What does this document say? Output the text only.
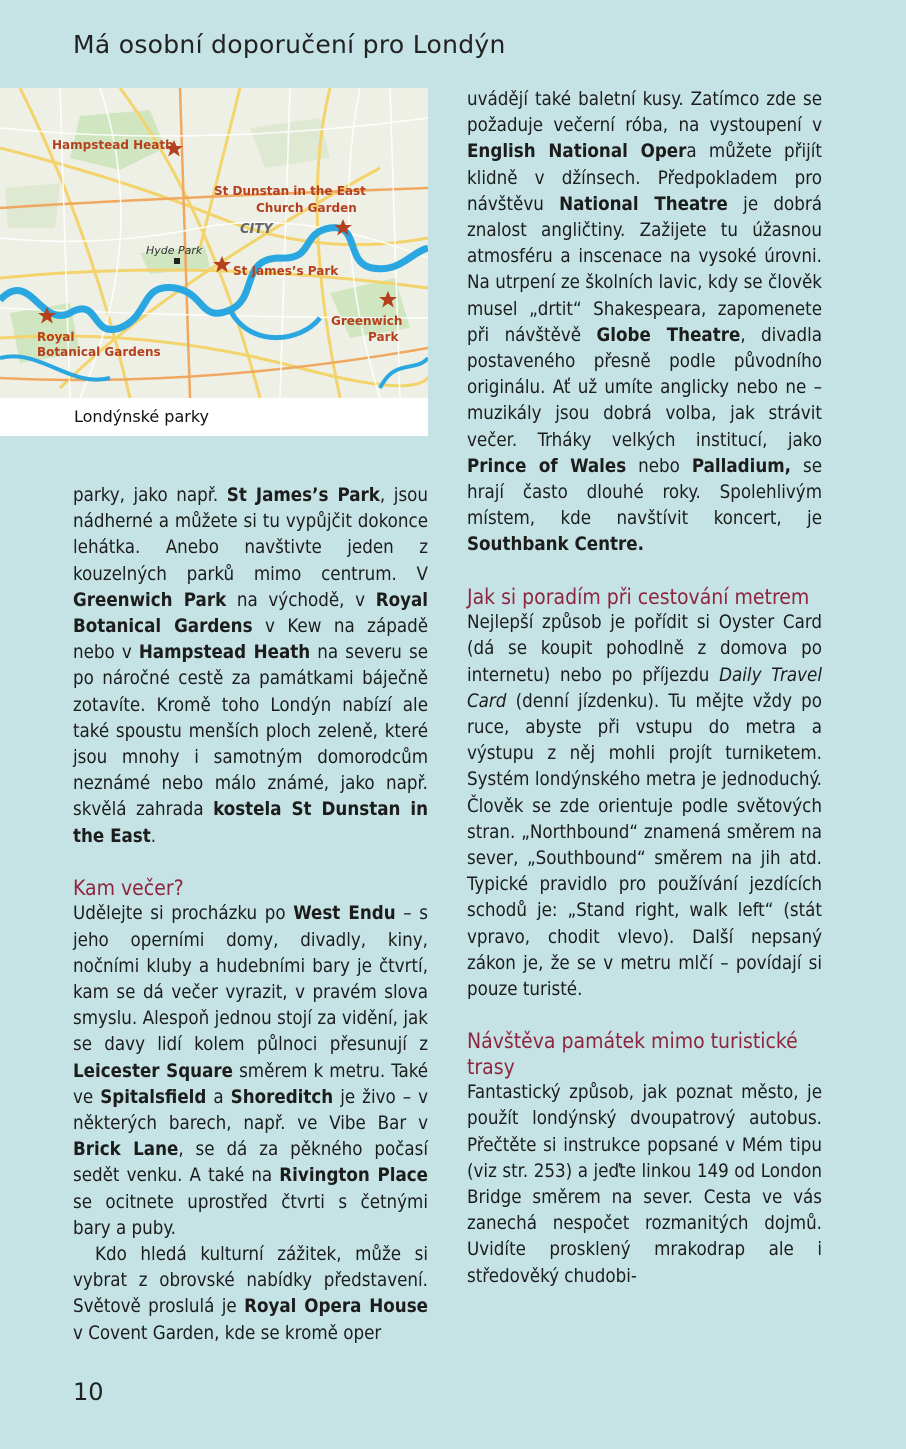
Má osobní doporučení pro Londýn
Hampstead Heath
St Dunstan in the East
Church Garden
CITY
Hyde Park
St James’s Park
Greenwich
Park
Royal
Botanical Gardens
Londýnské parky

parky, jako např. St James’s Park, jsou nádherné a můžete si tu vypůjčit dokonce lehátka. Anebo navštivte jeden z kouzelných parků mimo centrum. V Greenwich Park na východě, v Royal Botanical Gardens v Kew na západě nebo v Hampstead Heath na severu se po náročné cestě za památkami báječně zotavíte. Kromě toho Londýn nabízí ale také spoustu menších ploch zeleně, které jsou mnohy i samotným domorodcům neznámé nebo málo známé, jako např. skvělá zahrada kostela St Dunstan in the East.

Kam večer?

Udělejte si procházku po West Endu – s jeho operními domy, divadly, kiny, nočními kluby a hudebními bary je čtvrtí, kam se dá večer vyrazit, v pravém slova smyslu. Alespoň jednou stojí za vidění, jak se davy lidí kolem půlnoci přesunují z Leicester Square směrem k metru. Také ve Spitalsfield a Shoreditch je živo – v některých barech, např. ve Vibe Bar v Brick Lane, se dá za pěkného počasí sedět venku. A také na Rivington Place se ocitnete uprostřed čtvrti s četnými bary a puby.

Kdo hledá kulturní zážitek, může si vybrat z obrovské nabídky představení. Světově proslulá je Royal Opera House v Covent Garden, kde se kromě oper

uvádějí také baletní kusy. Zatímco zde se požaduje večerní róba, na vystoupení v English National Opera můžete přijít klidně v džínsech. Předpokladem pro návštěvu National Theatre je dobrá znalost angličtiny. Zažijete tu úžasnou atmosféru a inscenace na vysoké úrovni. Na utrpení ze školních lavic, kdy se člověk musel „drtit“ Shakespeara, zapomenete při návštěvě Globe Theatre, divadla postaveného přesně podle původního originálu. Ať už umíte anglicky nebo ne – muzikály jsou dobrá volba, jak strávit večer. Trháky velkých institucí, jako Prince of Wales nebo Palladium, se hrají často dlouhé roky. Spolehlivým místem, kde navštívit koncert, je Southbank Centre.

Jak si poradím při cestování metrem

Nejlepší způsob je pořídit si Oyster Card (dá se koupit pohodlně z domova po internetu) nebo po příjezdu Daily Travel Card (denní jízdenku). Tu mějte vždy po ruce, abyste při vstupu do metra a výstupu z něj mohli projít turniketem. Systém londýnského metra je jednoduchý. Člověk se zde orientuje podle světových stran. „Northbound“ znamená směrem na sever, „Southbound“ směrem na jih atd. Typické pravidlo pro používání jezdících schodů je: „Stand right, walk left“ (stát vpravo, chodit vlevo). Další nepsaný zákon je, že se v metru mlčí – povídají si pouze turisté.

Návštěva památek mimo turistické trasy

Fantastický způsob, jak poznat město, je použít londýnský dvoupatrový autobus. Přečtěte si instrukce popsané v Mém tipu (viz str. 253) a jeďte linkou 149 od London Bridge směrem na sever. Cesta ve vás zanechá nespočet rozmanitých dojmů. Uvidíte prosklený mrakodrap ale i středověký chudobi-

10
